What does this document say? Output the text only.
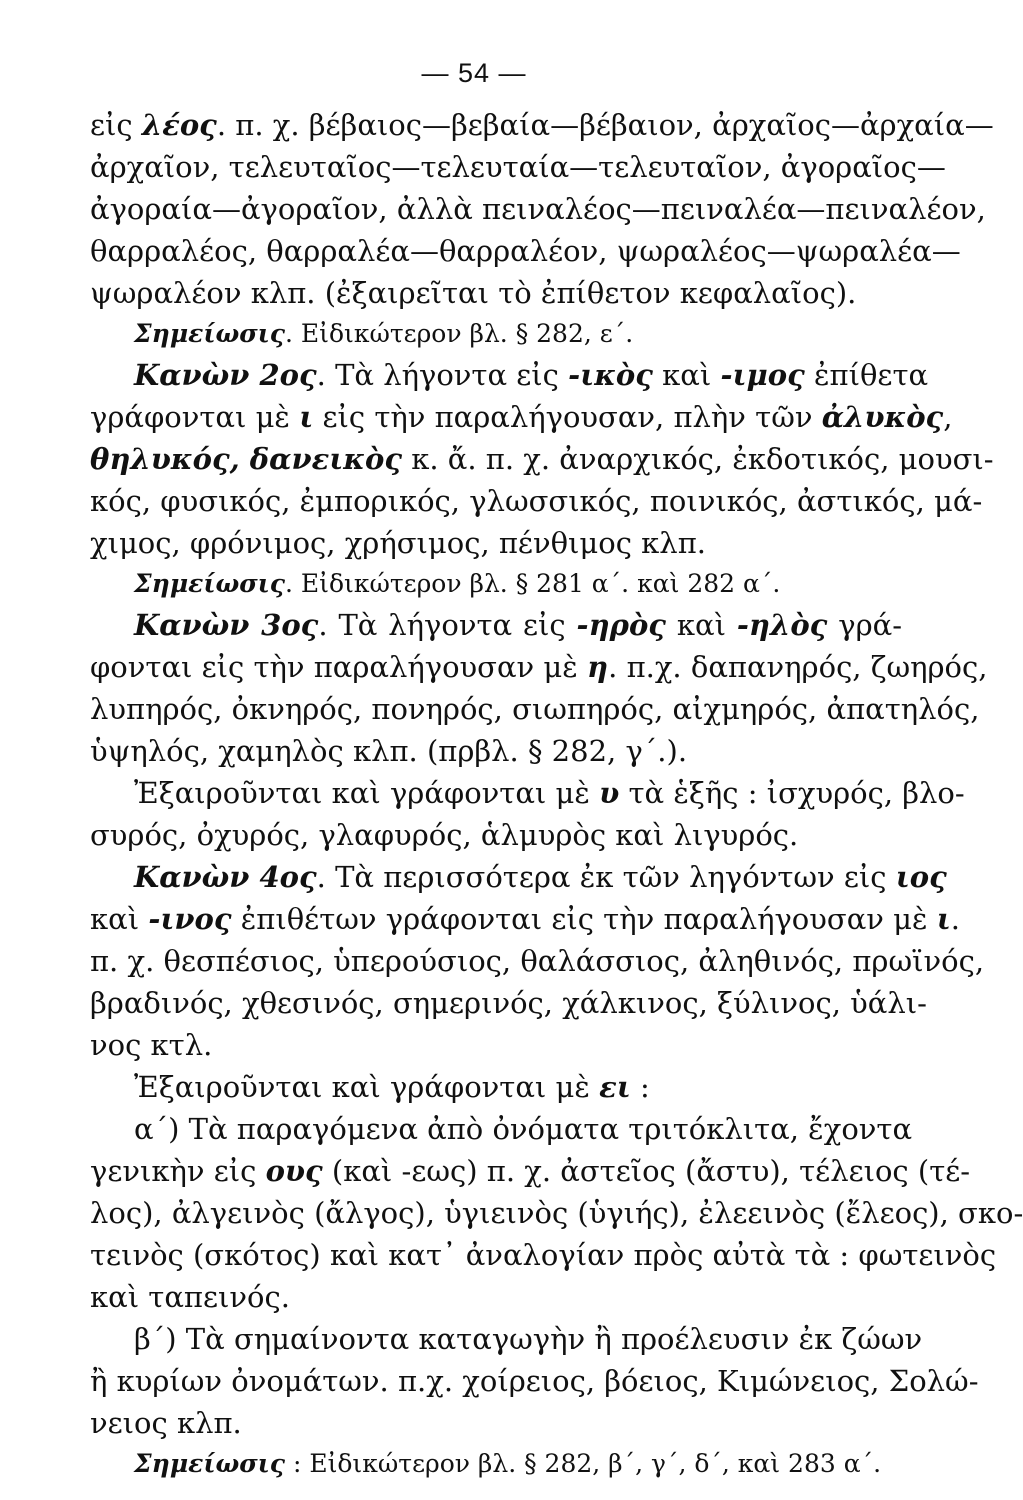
— 54 —
εἰς λέος. π. χ. βέβαιος—βεβαία—βέβαιον, ἀρχαῖος—ἀρχαία—
ἀρχαῖον, τελευταῖος—τελευταία—τελευταῖον, ἀγοραῖος—
ἀγοραία—ἀγοραῖον, ἀλλὰ πειναλέος—πειναλέα—πειναλέον,
θαρραλέος, θαρραλέα—θαρραλέον, ψωραλέος—ψωραλέα—
ψωραλέον κλπ. (ἐξαιρεῖται τὸ ἐπίθετον κεφαλαῖος).
Σημείωσις. Εἰδικώτερον βλ. § 282, ε΄.
Κανὼν 2ος. Τὰ λήγοντα εἰς -ικὸς καὶ -ιμος ἐπίθετα
γράφονται μὲ ι εἰς τὴν παραλήγουσαν, πλὴν τῶν ἀλυκὸς,
θηλυκός, δανεικὸς κ. ἄ. π. χ. ἀναρχικός, ἐκδοτικός, μουσι-
κός, φυσικός, ἐμπορικός, γλωσσικός, ποινικός, ἀστικός, μά-
χιμος, φρόνιμος, χρήσιμος, πένθιμος κλπ.
Σημείωσις. Εἰδικώτερον βλ. § 281 α΄. καὶ 282 α΄.
Κανὼν 3ος. Τὰ λήγοντα εἰς -ηρὸς καὶ -ηλὸς γρά-
φονται εἰς τὴν παραλήγουσαν μὲ η. π.χ. δαπανηρός, ζωηρός,
λυπηρός, ὀκνηρός, πονηρός, σιωπηρός, αἰχμηρός, ἀπατηλός,
ὑψηλός, χαμηλὸς κλπ. (πρβλ. § 282, γ΄.).
Ἐξαιροῦνται καὶ γράφονται μὲ υ τὰ ἑξῆς : ἰσχυρός, βλο-
συρός, ὀχυρός, γλαφυρός, ἁλμυρὸς καὶ λιγυρός.
Κανὼν 4ος. Τὰ περισσότερα ἐκ τῶν ληγόντων εἰς ιος
καὶ -ινος ἐπιθέτων γράφονται εἰς τὴν παραλήγουσαν μὲ ι.
π. χ. θεσπέσιος, ὑπερούσιος, θαλάσσιος, ἀληθινός, πρωϊνός,
βραδινός, χθεσινός, σημερινός, χάλκινος, ξύλινος, ὑάλι-
νος κτλ.
Ἐξαιροῦνται καὶ γράφονται μὲ ει :
α΄) Τὰ παραγόμενα ἀπὸ ὀνόματα τριτόκλιτα, ἔχοντα
γενικὴν εἰς ους (καὶ -εως) π. χ. ἀστεῖος (ἄστυ), τέλειος (τέ-
λος), ἀλγεινὸς (ἄλγος), ὑγιεινὸς (ὑγιής), ἐλεεινὸς (ἔλεος), σκο-
τεινὸς (σκότος) καὶ κατ᾽ ἀναλογίαν πρὸς αὐτὰ τὰ : φωτεινὸς
καὶ ταπεινός.
β΄) Τὰ σημαίνοντα καταγωγὴν ἢ προέλευσιν ἐκ ζώων
ἢ κυρίων ὀνομάτων. π.χ. χοίρειος, βόειος, Κιμώνειος, Σολώ-
νειος κλπ.
Σημείωσις : Εἰδικώτερον βλ. § 282, β΄, γ΄, δ΄, καὶ 283 α΄.
